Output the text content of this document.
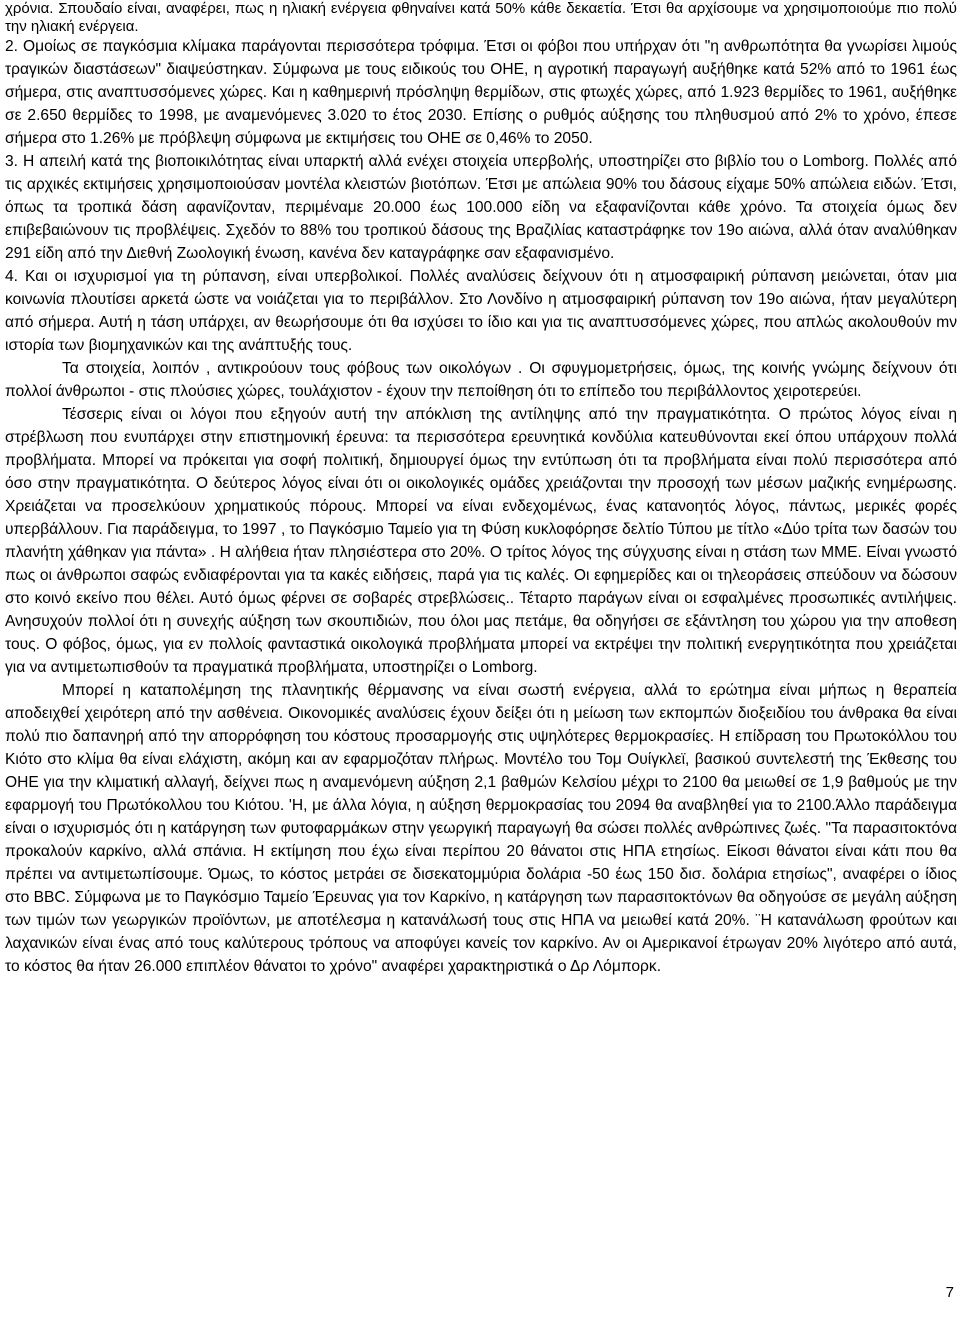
χρόνια. Σπουδαίο είναι, αναφέρει, πως η ηλιακή ενέργεια φθηναίνει κατά 50% κάθε δεκαετία. Έτσι θα αρχίσουμε να χρησιμοποιούμε πιο πολύ την ηλιακή ενέργεια.

2. Ομοίως σε παγκόσμια κλίμακα παράγονται περισσότερα τρόφιμα. Έτσι οι φόβοι που υπήρχαν ότι "η ανθρωπότητα θα γνωρίσει λιμούς τραγικών διαστάσεων" διαψεύστηκαν. Σύμφωνα με τους ειδικούς του ΟΗΕ, η αγροτική παραγωγή αυξήθηκε κατά 52% από το 1961 έως σήμερα, στις αναπτυσσόμενες χώρες. Και η καθημερινή πρόσληψη θερμίδων, στις φτωχές χώρες, από 1.923 θερμίδες το 1961, αυξήθηκε σε 2.650 θερμίδες το 1998, με αναμενόμενες 3.020 το έτος 2030. Επίσης ο ρυθμός αύξησης του πληθυσμού από 2% το χρόνο, έπεσε σήμερα στο 1.26% με πρόβλεψη σύμφωνα με εκτιμήσεις του ΟΗΕ σε 0,46% το 2050.

3. Η απειλή κατά της βιοποικιλότητας είναι υπαρκτή αλλά ενέχει στοιχεία υπερβολής, υποστηρίζει στο βιβλίο του ο Lomborg. Πολλές από τις αρχικές εκτιμήσεις χρησιμοποιούσαν μοντέλα κλειστών βιοτόπων. Έτσι με απώλεια 90% του δάσους είχαμε 50% απώλεια ειδών. Έτσι, όπως τα τροπικά δάση αφανίζονταν, περιμέναμε 20.000 έως 100.000 είδη να εξαφανίζονται κάθε χρόνο. Τα στοιχεία όμως δεν επιβεβαιώνουν τις προβλέψεις. Σχεδόν το 88% του τροπικού δάσους της Βραζιλίας καταστράφηκε τον 19ο αιώνα, αλλά όταν αναλύθηκαν 291 είδη από την Διεθνή Ζωολογική ένωση, κανένα δεν καταγράφηκε σαν εξαφανισμένο.

4. Και οι ισχυρισμοί για τη ρύπανση, είναι υπερβολικοί. Πολλές αναλύσεις δείχνουν ότι η ατμοσφαιρική ρύπανση μειώνεται, όταν μια κοινωνία πλουτίσει αρκετά ώστε να νοιάζεται για το περιβάλλον. Στο Λονδίνο η ατμοσφαιρική ρύπανση τον 19ο αιώνα, ήταν μεγαλύτερη από σήμερα. Αυτή η τάση υπάρχει, αν θεωρήσουμε ότι θα ισχύσει το ίδιο και για τις αναπτυσσόμενες χώρες, που απλώς ακολουθούν mν ιστορία των βιομηχανικών και της ανάπτυξής τους.

Τα στοιχεία, λοιπόν , αντικρούουν τους φόβους των οικολόγων . Οι σφυγμομετρήσεις, όμως, της κοινής γνώμης δείχνουν ότι πολλοί άνθρωποι - στις πλούσιες χώρες, τουλάχιστον - έχουν την πεποίθηση ότι το επίπεδο του περιβάλλοντος χειροτερεύει.

Τέσσερις είναι οι λόγοι που εξηγούν αυτή την απόκλιση της αντίληψης από την πραγματικότητα. Ο πρώτος λόγος είναι η στρέβλωση που ενυπάρχει στην επιστημονική έρευνα: τα περισσότερα ερευνητικά κονδύλια κατευθύνονται εκεί όπου υπάρχουν πολλά προβλήματα. Μπορεί να πρόκειται για σοφή πολιτική, δημιουργεί όμως την εντύπωση ότι τα προβλήματα είναι πολύ περισσότερα από όσο στην πραγματικότητα. Ο δεύτερος λόγος είναι ότι οι οικολογικές ομάδες χρειάζονται την προσοχή των μέσων μαζικής ενημέρωσης. Χρειάζεται να προσελκύουν χρηματικούς πόρους. Μπορεί να είναι ενδεχομένως, ένας κατανοητός λόγος, πάντως, μερικές φορές υπερβάλλουν. Για παράδειγμα, το 1997 , το Παγκόσμιο Ταμείο για τη Φύση κυκλοφόρησε δελτίο Τύπου με τίτλο «Δύο τρίτα των δασών του πλανήτη χάθηκαν για πάντα» . Η αλήθεια ήταν πλησιέστερα στο 20%. Ο τρίτος λόγος της σύγχυσης είναι η στάση των ΜΜΕ. Είναι γνωστό πως οι άνθρωποι σαφώς ενδιαφέρονται για τα κακές ειδήσεις, παρά για τις καλές. Οι εφημερίδες και οι τηλεοράσεις σπεύδουν να δώσουν στο κοινό εκείνο που θέλει. Αυτό όμως φέρνει σε σοβαρές στρεβλώσεις.. Τέταρτο παράγων είναι οι εσφαλμένες προσωπικές αντιλήψεις. Ανησυχούν πολλοί ότι η συνεχής αύξηση των σκουπιδιών, που όλοι μας πετάμε, θα οδηγήσει σε εξάντληση του χώρου για την αποθεση τους. Ο φόβος, όμως, για εν πολλοίς φανταστικά οικολογικά προβλήματα μπορεί να εκτρέψει την πολιτική ενεργητικότητα που χρειάζεται για να αντιμετωπισθούν τα πραγματικά προβλήματα, υποστηρίζει ο Lomborg.

Μπορεί η καταπολέμηση της πλανητικής θέρμανσης να είναι σωστή ενέργεια, αλλά το ερώτημα είναι μήπως η θεραπεία αποδειχθεί χειρότερη από την ασθένεια. Οικονομικές αναλύσεις έχουν δείξει ότι η μείωση των εκπομπών διοξειδίου του άνθρακα θα είναι πολύ πιο δαπανηρή από την απορρόφηση του κόστους προσαρμογής στις υψηλότερες θερμοκρασίες. Η επίδραση του Πρωτοκόλλου του Κιότο στο κλίμα θα είναι ελάχιστη, ακόμη και αν εφαρμοζόταν πλήρως. Μοντέλο του Τομ Ουίγκλεϊ, βασικού συντελεστή της Έκθεσης του ΟΗΕ για την κλιματική αλλαγή, δείχνει πως η αναμενόμενη αύξηση 2,1 βαθμών Κελσίου μέχρι το 2100 θα μειωθεί σε 1,9 βαθμούς με την εφαρμογή του Πρωτόκολλου του Κιότου. 'Η, με άλλα λόγια, η αύξηση θερμοκρασίας του 2094 θα αναβληθεί για το 2100.Άλλο παράδειγμα είναι ο ισχυρισμός ότι η κατάργηση των φυτοφαρμάκων στην γεωργική παραγωγή θα σώσει πολλές ανθρώπινες ζωές. "Τα παρασιτοκτόνα προκαλούν καρκίνο, αλλά σπάνια. Η εκτίμηση που έχω είναι περίπου 20 θάνατοι στις ΗΠΑ ετησίως. Είκοσι θάνατοι είναι κάτι που θα πρέπει να αντιμετωπίσουμε. Όμως, το κόστος μετράει σε δισεκατομμύρια δολάρια -50 έως 150 δισ. δολάρια ετησίως", αναφέρει ο ίδιος στο BBC. Σύμφωνα με το Παγκόσμιο Ταμείο Έρευνας για τον Καρκίνο, η κατάργηση των παρασιτοκτόνων θα οδηγούσε σε μεγάλη αύξηση των τιμών των γεωργικών προϊόντων, με αποτέλεσμα η κατανάλωσή τους στις ΗΠΑ να μειωθεί κατά 20%. ¨Η κατανάλωση φρούτων και λαχανικών είναι ένας από τους καλύτερους τρόπους να αποφύγει κανείς τον καρκίνο. Αν οι Αμερικανοί έτρωγαν 20% λιγότερο από αυτά, το κόστος θα ήταν 26.000 επιπλέον θάνατοι το χρόνο" αναφέρει χαρακτηριστικά ο Δρ Λόμπορκ.

7
